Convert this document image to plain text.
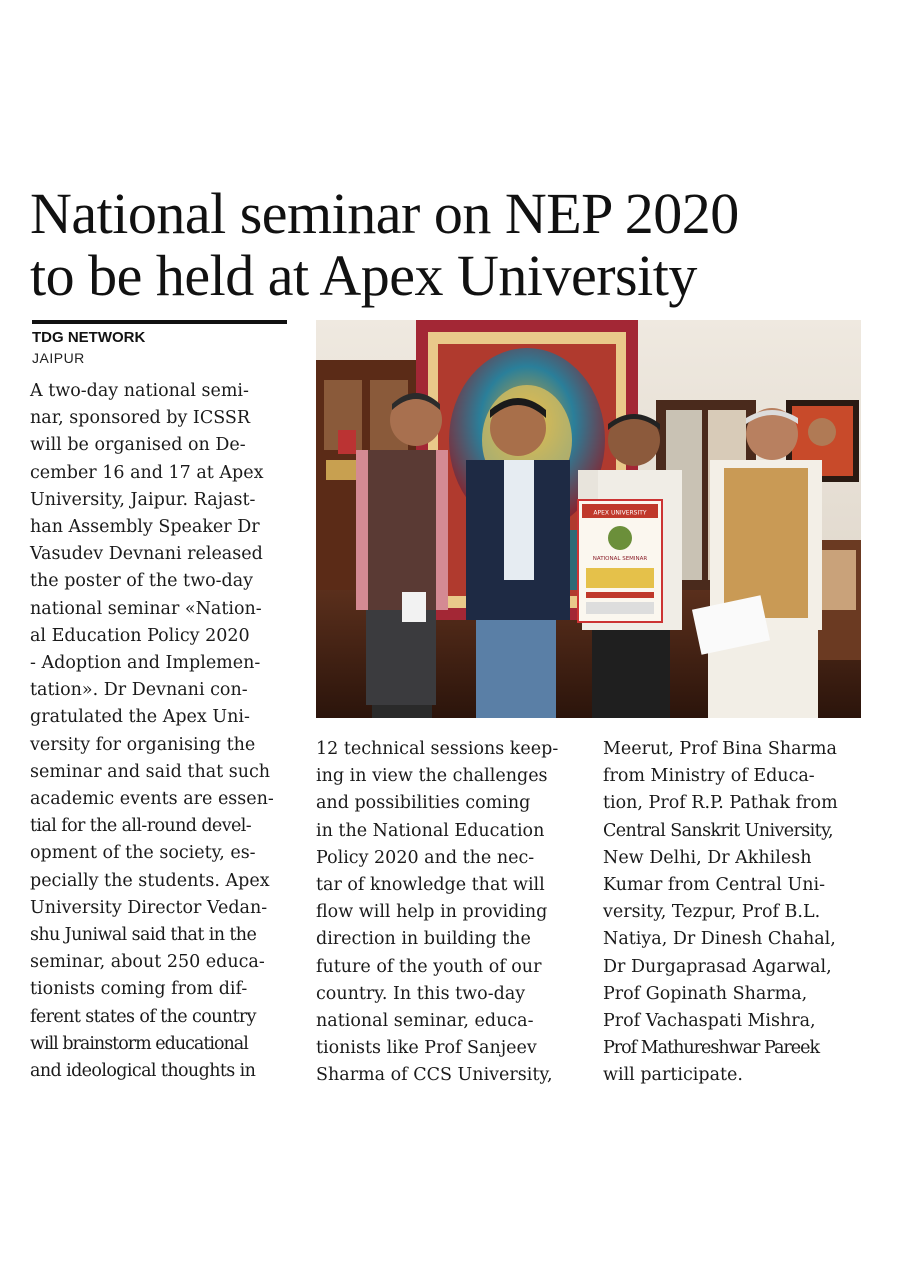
National seminar on NEP 2020
to be held at Apex University
TDG NETWORK
JAIPUR
A two-day national semi-
nar, sponsored by ICSSR
will be organised on De-
cember 16 and 17 at Apex
University, Jaipur. Rajast-
han Assembly Speaker Dr
Vasudev Devnani released
the poster of the two-day
national seminar «Nation-
al Education Policy 2020
- Adoption and Implemen-
tation». Dr Devnani con-
gratulated the Apex Uni-
versity for organising the
seminar and said that such
academic events are essen-
tial for the all-round devel-
opment of the society, es-
pecially the students. Apex
University Director Vedan-
shu Juniwal said that in the
seminar, about 250 educa-
tionists coming from dif-
ferent states of the country
will brainstorm educational
and ideological thoughts in
APEX UNIVERSITY
NATIONAL SEMINAR
12 technical sessions keep-
ing in view the challenges
and possibilities coming
in the National Education
Policy 2020 and the nec-
tar of knowledge that will
flow will help in providing
direction in building the
future of the youth of our
country. In this two-day
national seminar, educa-
tionists like Prof Sanjeev
Sharma of CCS University,
Meerut, Prof Bina Sharma
from Ministry of Educa-
tion, Prof R.P. Pathak from
Central Sanskrit University,
New Delhi, Dr Akhilesh
Kumar from Central Uni-
versity, Tezpur, Prof B.L.
Natiya, Dr Dinesh Chahal,
Dr Durgaprasad Agarwal,
Prof Gopinath Sharma,
Prof Vachaspati Mishra,
Prof Mathureshwar Pareek
will participate.
